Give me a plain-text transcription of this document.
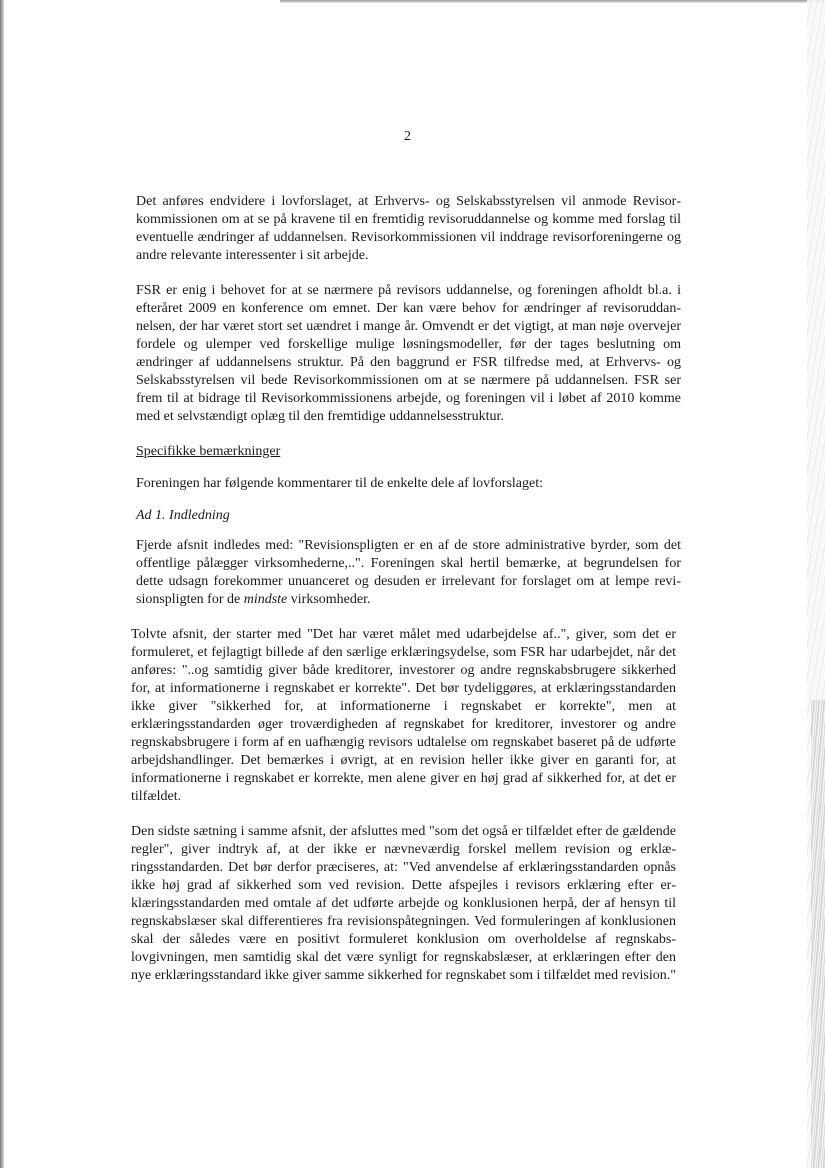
2

Det anføres endvidere i lovforslaget, at Erhvervs- og Selskabsstyrelsen vil anmode Revisorkommissionen om at se på kravene til en fremtidig revisoruddannelse og komme med forslag til eventuelle ændringer af uddannelsen. Revisorkommissionen vil inddrage revisorforeningerne og andre relevante interessenter i sit arbejde.

FSR er enig i behovet for at se nærmere på revisors uddannelse, og foreningen afholdt bl.a. i efteråret 2009 en konference om emnet. Der kan være behov for ændringer af revisoruddannelsen, der har været stort set uændret i mange år. Omvendt er det vigtigt, at man nøje overvejer fordele og ulemper ved forskellige mulige løsningsmodeller, før der tages beslutning om ændringer af uddannelsens struktur. På den baggrund er FSR tilfredse med, at Erhvervs- og Selskabsstyrelsen vil bede Revisorkommissionen om at se nærmere på uddannelsen. FSR ser frem til at bidrage til Revisorkommissionens arbejde, og foreningen vil i løbet af 2010 komme med et selvstændigt oplæg til den fremtidige uddannelsesstruktur.

Specifikke bemærkninger

Foreningen har følgende kommentarer til de enkelte dele af lovforslaget:

Ad 1. Indledning

Fjerde afsnit indledes med: "Revisionspligten er en af de store administrative byrder, som det offentlige pålægger virksomhederne,..". Foreningen skal hertil bemærke, at begrundelsen for dette udsagn forekommer unuanceret og desuden er irrelevant for forslaget om at lempe revisionspligten for de mindste virksomheder.

Tolvte afsnit, der starter med "Det har været målet med udarbejdelse af..", giver, som det er formuleret, et fejlagtigt billede af den særlige erklæringsydelse, som FSR har udarbejdet, når det anføres: "..og samtidig giver både kreditorer, investorer og andre regnskabsbrugere sikkerhed for, at informationerne i regnskabet er korrekte". Det bør tydeliggøres, at erklæringsstandarden ikke giver "sikkerhed for, at informationerne i regnskabet er korrekte", men at erklæringsstandarden øger troværdigheden af regnskabet for kreditorer, investorer og andre regnskabsbrugere i form af en uafhængig revisors udtalelse om regnskabet baseret på de udførte arbejdshandlinger. Det bemærkes i øvrigt, at en revision heller ikke giver en garanti for, at informationerne i regnskabet er korrekte, men alene giver en høj grad af sikkerhed for, at det er tilfældet.

Den sidste sætning i samme afsnit, der afsluttes med "som det også er tilfældet efter de gældende regler", giver indtryk af, at der ikke er nævneværdig forskel mellem revision og erklæringsstandarden. Det bør derfor præciseres, at: "Ved anvendelse af erklæringsstandarden opnås ikke høj grad af sikkerhed som ved revision. Dette afspejles i revisors erklæring efter erklæringsstandarden med omtale af det udførte arbejde og konklusionen herpå, der af hensyn til regnskabslæser skal differentieres fra revisionspåtegningen. Ved formuleringen af konklusionen skal der således være en positivt formuleret konklusion om overholdelse af regnskabslovgivningen, men samtidig skal det være synligt for regnskabslæser, at erklæringen efter den nye erklæringsstandard ikke giver samme sikkerhed for regnskabet som i tilfældet med revision."
